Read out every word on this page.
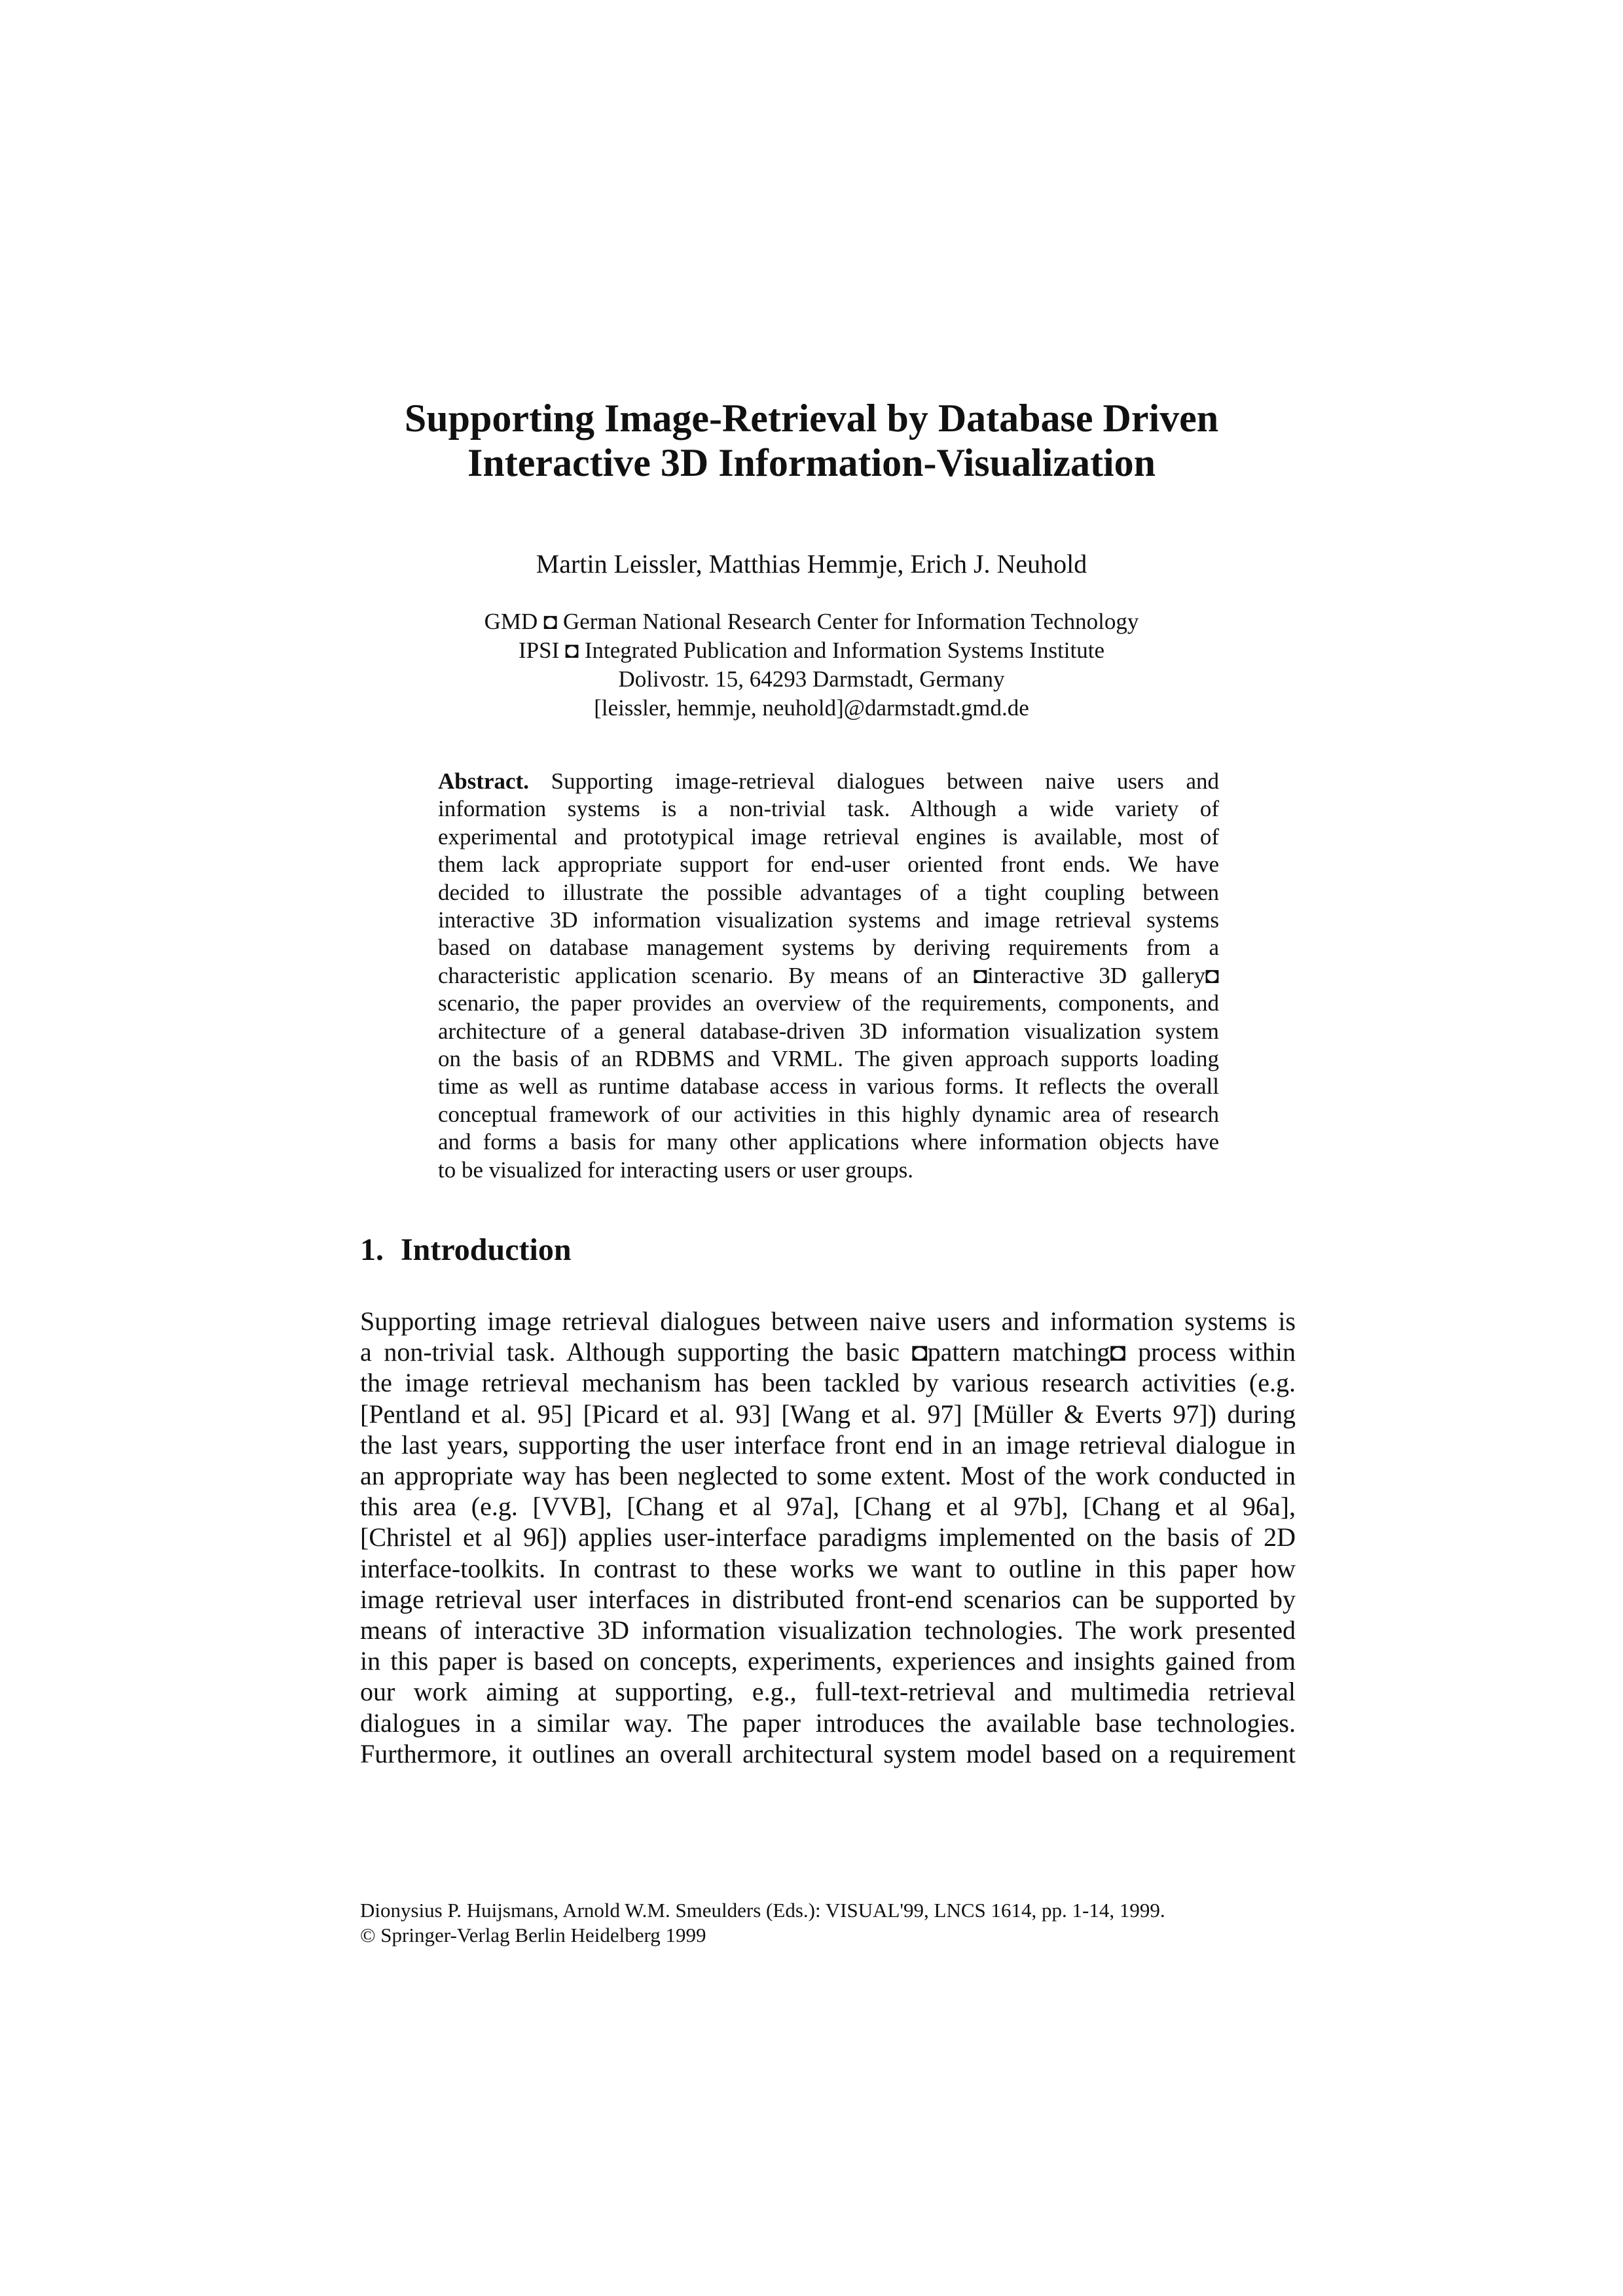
Supporting Image-Retrieval by Database Driven
Interactive 3D Information-Visualization
Martin Leissler, Matthias Hemmje, Erich J. Neuhold
GMD ◘ German National Research Center for Information Technology
IPSI ◘ Integrated Publication and Information Systems Institute
Dolivostr. 15, 64293 Darmstadt, Germany
[leissler, hemmje, neuhold]@darmstadt.gmd.de
Abstract. Supporting image-retrieval dialogues between naive users and
information systems is a non-trivial task. Although a wide variety of
experimental and prototypical image retrieval engines is available, most of
them lack appropriate support for end-user oriented front ends. We have
decided to illustrate the possible advantages of a tight coupling between
interactive 3D information visualization systems and image retrieval systems
based on database management systems by deriving requirements from a
characteristic application scenario. By means of an ◘interactive 3D gallery◘
scenario, the paper provides an overview of the requirements, components, and
architecture of a general database-driven 3D information visualization system
on the basis of an RDBMS and VRML. The given approach supports loading
time as well as runtime database access in various forms. It reflects the overall
conceptual framework of our activities in this highly dynamic area of research
and forms a basis for many other applications where information objects have
to be visualized for interacting users or user groups.
1. Introduction
Supporting image retrieval dialogues between naive users and information systems is
a non-trivial task. Although supporting the basic ◘pattern matching◘ process within
the image retrieval mechanism has been tackled by various research activities (e.g.
[Pentland et al. 95] [Picard et al. 93] [Wang et al. 97] [Müller & Everts 97]) during
the last years, supporting the user interface front end in an image retrieval dialogue in
an appropriate way has been neglected to some extent. Most of the work conducted in
this area (e.g. [VVB], [Chang et al 97a], [Chang et al 97b], [Chang et al 96a],
[Christel et al 96]) applies user-interface paradigms implemented on the basis of 2D
interface-toolkits. In contrast to these works we want to outline in this paper how
image retrieval user interfaces in distributed front-end scenarios can be supported by
means of interactive 3D information visualization technologies. The work presented
in this paper is based on concepts, experiments, experiences and insights gained from
our work aiming at supporting, e.g., full-text-retrieval and multimedia retrieval
dialogues in a similar way. The paper introduces the available base technologies.
Furthermore, it outlines an overall architectural system model based on a requirement
Dionysius P. Huijsmans, Arnold W.M. Smeulders (Eds.): VISUAL'99, LNCS 1614, pp. 1-14, 1999.
© Springer-Verlag Berlin Heidelberg 1999
